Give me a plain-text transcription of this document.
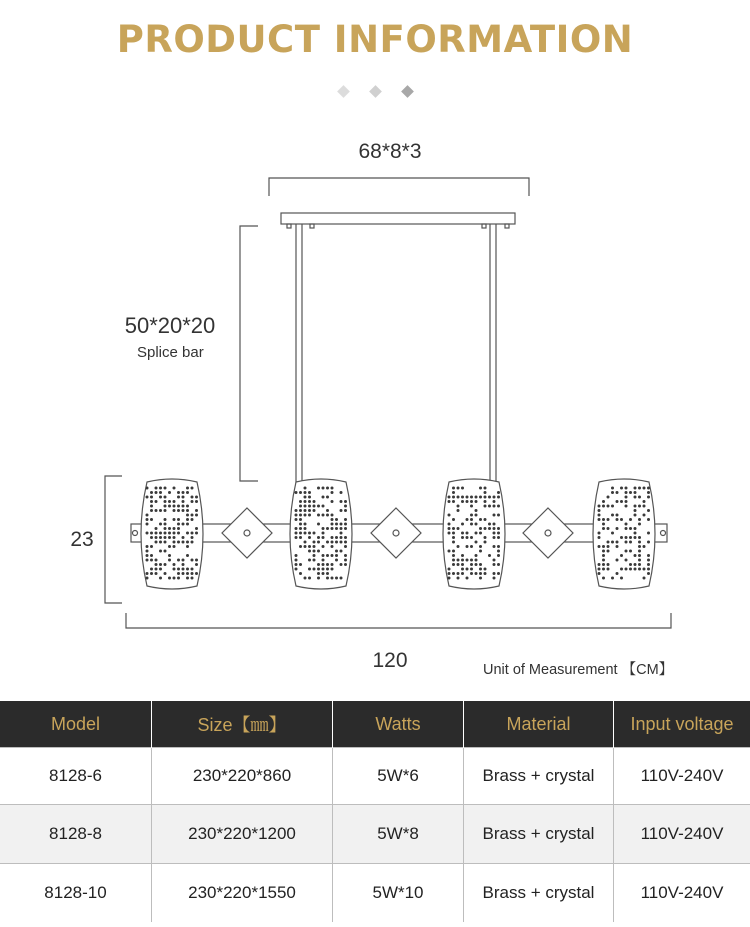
PRODUCT INFORMATION
68*8*3
50*20*20
Splice bar
23
120	Unit of Measurement 【CM】
Model	Size【㎜】	Watts	Material	Input voltage
8128-6	230*220*860	5W*6	Brass + crystal	110V-240V
8128-8	230*220*1200	5W*8	Brass + crystal	110V-240V
8128-10	230*220*1550	5W*10	Brass + crystal	110V-240V
